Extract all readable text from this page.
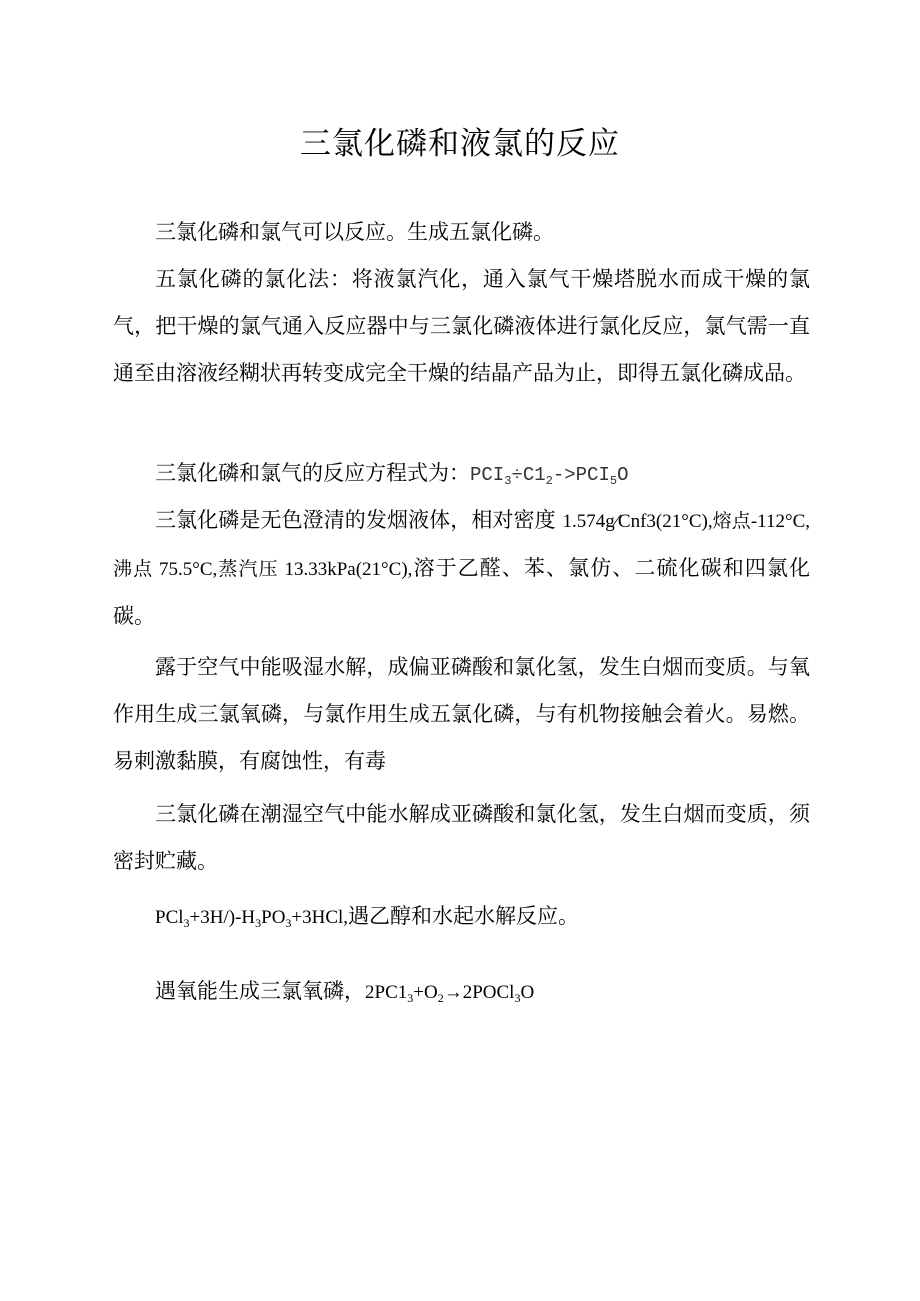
三氯化磷和液氯的反应

三氯化磷和氯气可以反应。生成五氯化磷。

五氯化磷的氯化法：将液氯汽化，通入氯气干燥塔脱水而成干燥的氯气，把干燥的氯气通入反应器中与三氯化磷液体进行氯化反应，氯气需一直通至由溶液经糊状再转变成完全干燥的结晶产品为止，即得五氯化磷成品。

三氯化磷和氯气的反应方程式为：$PCI_3\div C1_2->PCI_5O$

三氯化磷是无色澄清的发烟液体，相对密度 1.574g∕Cnf3(21°C),熔点-112°C,沸点 75.5°C,蒸汽压 13.33kPa(21°C),溶于乙醛、苯、氯仿、二硫化碳和四氯化碳。

露于空气中能吸湿水解，成偏亚磷酸和氯化氢，发生白烟而变质。与氧作用生成三氯氧磷，与氯作用生成五氯化磷，与有机物接触会着火。易燃。易刺激黏膜，有腐蚀性，有毒

三氯化磷在潮湿空气中能水解成亚磷酸和氯化氢，发生白烟而变质，须密封贮藏。

$PCl_3+3H/)-H_3PO_3+3HCl$,遇乙醇和水起水解反应。

遇氧能生成三氯氧磷，$2PC1_3+O_2\to 2POCl_3O$
